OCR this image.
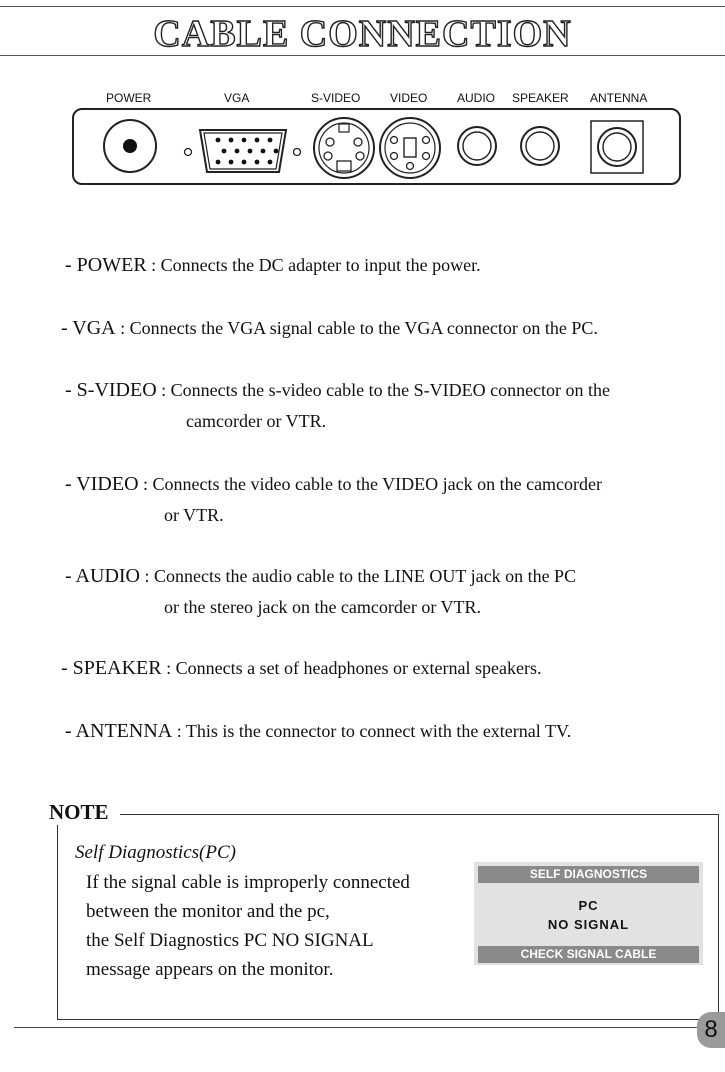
CABLE CONNECTION
POWER	VGA	S-VIDEO VIDEO AUDIO SPEAKER ANTENNA
- POWER : Connects the DC adapter to input the power.
- VGA : Connects the VGA signal cable to the VGA connector on the PC.
- S-VIDEO : Connects the s-video cable to the S-VIDEO connector on the
camcorder or VTR.
- VIDEO : Connects the video cable to the VIDEO jack on the camcorder
or VTR.
- AUDIO : Connects the audio cable to the LINE OUT jack on the PC
or the stereo jack on the camcorder or VTR.
- SPEAKER : Connects a set of headphones or external speakers.
- ANTENNA : This is the connector to connect with the external TV.
NOTE
Self Diagnostics(PC)
If the signal cable is improperly connected
between the monitor and the pc,
the Self Diagnostics PC NO SIGNAL
message appears on the monitor.
SELF DIAGNOSTICS
PC
NO SIGNAL
CHECK SIGNAL CABLE
8
